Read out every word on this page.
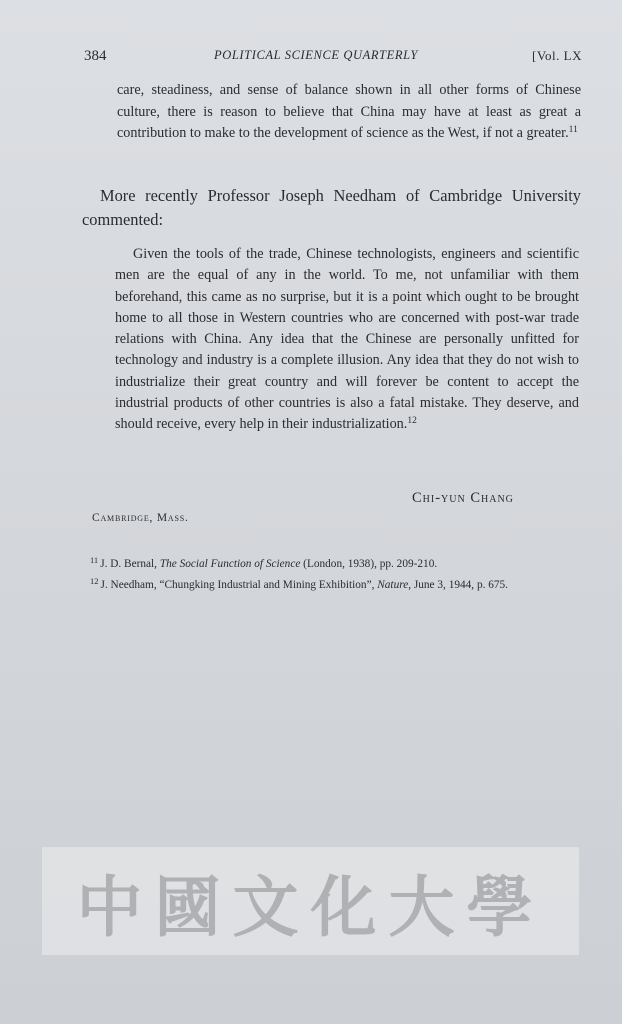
384	POLITICAL SCIENCE QUARTERLY	[Vol. LX
care, steadiness, and sense of balance shown in all other forms of Chinese culture, there is reason to believe that China may have at least as great a contribution to make to the development of science as the West, if not a greater.$^{11}$
More recently Professor Joseph Needham of Cambridge University commented:
Given the tools of the trade, Chinese technologists, engineers and scientific men are the equal of any in the world. To me, not unfamiliar with them beforehand, this came as no surprise, but it is a point which ought to be brought home to all those in Western countries who are concerned with post-war trade relations with China. Any idea that the Chinese are personally unfitted for technology and industry is a complete illusion. Any idea that they do not wish to industrialize their great country and will forever be content to accept the industrial products of other countries is also a fatal mistake. They deserve, and should receive, every help in their industrialization.$^{12}$
Chi-yun Chang
Cambridge, Mass.

$^{11}$ J. D. Bernal, The Social Function of Science (London, 1938), pp. 209-210.

$^{12}$ J. Needham, “Chungking Industrial and Mining Exhibition”, Nature, June 3, 1944, p. 675.

中國文化大學
